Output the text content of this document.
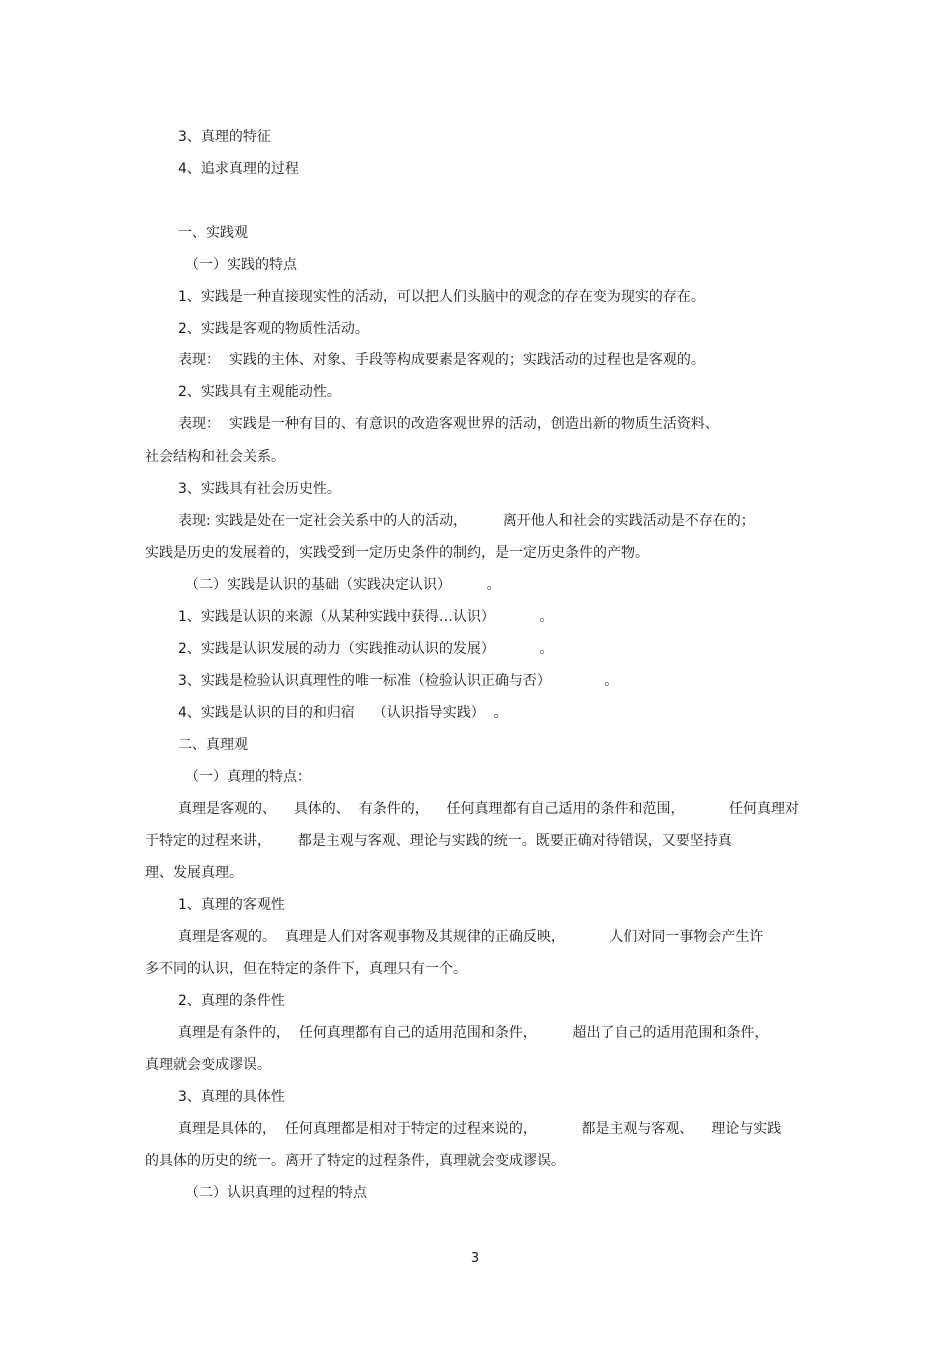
3、真理的特征
4、追求真理的过程
一、实践观
（一）实践的特点
1、实践是一种直接现实性的活动，可以把人们头脑中的观念的存在变为现实的存在。
2、实践是客观的物质性活动。
表现：  实践的主体、对象、手段等构成要素是客观的；实践活动的过程也是客观的。
2、实践具有主观能动性。
表现：  实践是一种有目的、有意识的改造客观世界的活动，创造出新的物质生活资料、
社会结构和社会关系。
3、实践具有社会历史性。
表现: 实践是处在一定社会关系中的人的活动，        离开他人和社会的实践活动是不存在的；
实践是历史的发展着的，实践受到一定历史条件的制约，是一定历史条件的产物。
（二）实践是认识的基础（实践决定认识）        。
1、实践是认识的来源（从某种实践中获得…认识）          。
2、实践是认识发展的动力（实践推动认识的发展）          。
3、实践是检验认识真理性的唯一标准（检验认识正确与否）            。
4、实践是认识的目的和归宿    （认识指导实践）  。
二、真理观
（一）真理的特点：
真理是客观的、    具体的、  有条件的，    任何真理都有自己适用的条件和范围，          任何真理对
于特定的过程来讲，      都是主观与客观、理论与实践的统一。既要正确对待错误，又要坚持真
理、发展真理。
1、真理的客观性
真理是客观的。  真理是人们对客观事物及其规律的正确反映，          人们对同一事物会产生许
多不同的认识，但在特定的条件下，真理只有一个。
2、真理的条件性
真理是有条件的，  任何真理都有自己的适用范围和条件，        超出了自己的适用范围和条件，
真理就会变成谬误。
3、真理的具体性
真理是具体的，  任何真理都是相对于特定的过程来说的，          都是主观与客观、    理论与实践
的具体的历史的统一。离开了特定的过程条件，真理就会变成谬误。
（二）认识真理的过程的特点
3
